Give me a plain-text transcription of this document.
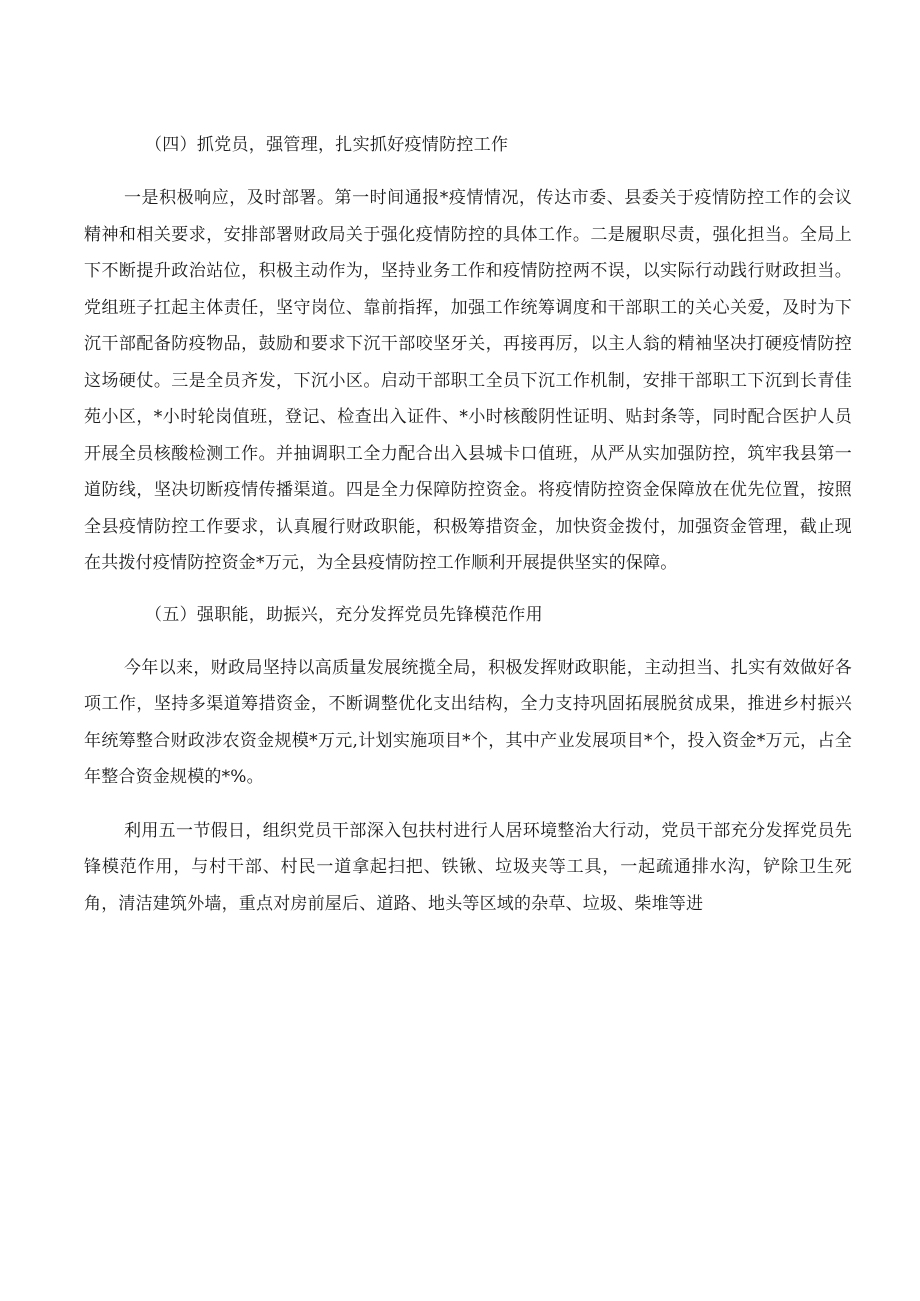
（四）抓党员，强管理，扎实抓好疫情防控工作

一是积极响应，及时部署。第一时间通报*疫情情况，传达市委、县委关于疫情防控工作的会议精神和相关要求，安排部署财政局关于强化疫情防控的具体工作。二是履职尽责，强化担当。全局上下不断提升政治站位，积极主动作为，坚持业务工作和疫情防控两不误，以实际行动践行财政担当。党组班子扛起主体责任，坚守岗位、靠前指挥，加强工作统筹调度和干部职工的关心关爱，及时为下沉干部配备防疫物品，鼓励和要求下沉干部咬坚牙关，再接再厉，以主人翁的精袖坚决打硬疫情防控这场硬仗。三是全员齐发，下沉小区。启动干部职工全员下沉工作机制，安排干部职工下沉到长青佳苑小区，*小时轮岗值班，登记、检查出入证件、*小时核酸阴性证明、贴封条等，同时配合医护人员开展全员核酸检测工作。并抽调职工全力配合出入县城卡口值班，从严从实加强防控，筑牢我县第一道防线，坚决切断疫情传播渠道。四是全力保障防控资金。将疫情防控资金保障放在优先位置，按照全县疫情防控工作要求，认真履行财政职能，积极筹措资金，加快资金拨付，加强资金管理，截止现在共拨付疫情防控资金*万元，为全县疫情防控工作顺利开展提供坚实的保障。

（五）强职能，助振兴，充分发挥党员先锋模范作用

今年以来，财政局坚持以高质量发展统揽全局，积极发挥财政职能，主动担当、扎实有效做好各项工作，坚持多渠道筹措资金，不断调整优化支出结构，全力支持巩固拓展脱贫成果，推进乡村振兴年统筹整合财政涉农资金规模*万元,计划实施项目*个，其中产业发展项目*个，投入资金*万元，占全年整合资金规模的*%。

利用五一节假日，组织党员干部深入包扶村进行人居环境整治大行动，党员干部充分发挥党员先锋模范作用，与村干部、村民一道拿起扫把、铁锹、垃圾夹等工具，一起疏通排水沟，铲除卫生死角，清洁建筑外墙，重点对房前屋后、道路、地头等区域的杂草、垃圾、柴堆等进
